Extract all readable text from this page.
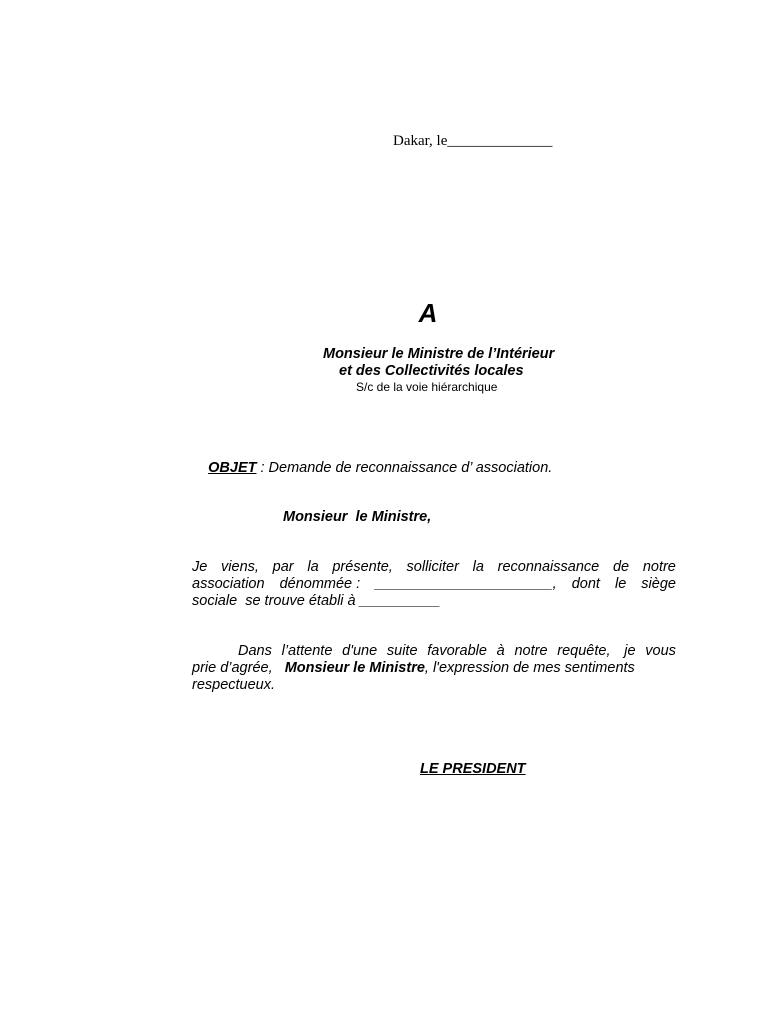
Dakar, le______________
A
Monsieur le Ministre de l’Intérieur
et des Collectivités locales
S/c de la voie hiérarchique

OBJET : Demande de reconnaissance d’ association.

Monsieur  le Ministre,
Je viens, par la présente, solliciter la reconnaissance de notre
association dénommée : ______________________, dont le siège
sociale  se trouve établi à __________
Dans l’attente d'une suite favorable à notre requête, je vous
prie d’agrée, Monsieur le Ministre , l'expression de mes sentiments
respectueux.
LE PRESIDENT
